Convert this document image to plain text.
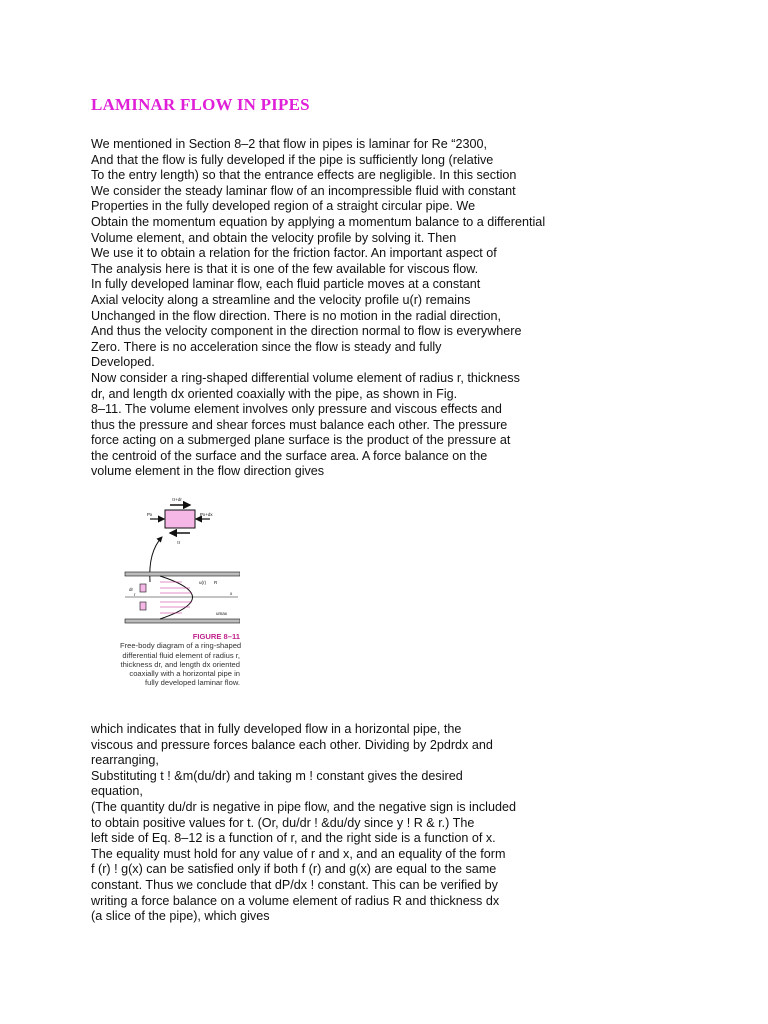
LAMINAR FLOW IN PIPES
We mentioned in Section 8–2 that flow in pipes is laminar for Re “2300,
And that the flow is fully developed if the pipe is sufficiently long (relative
To the entry length) so that the entrance effects are negligible. In this section
We consider the steady laminar flow of an incompressible fluid with constant
Properties in the fully developed region of a straight circular pipe. We
Obtain the momentum equation by applying a momentum balance to a differential
Volume element, and obtain the velocity profile by solving it. Then
We use it to obtain a relation for the friction factor. An important aspect of
The analysis here is that it is one of the few available for viscous flow.
In fully developed laminar flow, each fluid particle moves at a constant
Axial velocity along a streamline and the velocity profile u(r) remains
Unchanged in the flow direction. There is no motion in the radial direction,
And thus the velocity component in the direction normal to flow is everywhere
Zero. There is no acceleration since the flow is steady and fully
Developed.
Now consider a ring-shaped differential volume element of radius r, thickness
dr, and length dx oriented coaxially with the pipe, as shown in Fig.
8–11. The volume element involves only pressure and viscous effects and
thus the pressure and shear forces must balance each other. The pressure
force acting on a submerged plane surface is the product of the pressure at
the centroid of the surface and the surface area. A force balance on the
volume element in the flow direction gives
τr+dr
Px	Px+dx
τr
u(r) R
x
umax
dr
r
FIGURE 8–11
Free-body diagram of a ring-shaped
differential fluid element of radius r,
thickness dr, and length dx oriented
coaxially with a horizontal pipe in
fully developed laminar flow.
which indicates that in fully developed flow in a horizontal pipe, the
viscous and pressure forces balance each other. Dividing by 2pdrdx and
rearranging,
Substituting t ! &m(du/dr) and taking m ! constant gives the desired
equation,
(The quantity du/dr is negative in pipe flow, and the negative sign is included
to obtain positive values for t. (Or, du/dr ! &du/dy since y ! R & r.) The
left side of Eq. 8–12 is a function of r, and the right side is a function of x.
The equality must hold for any value of r and x, and an equality of the form
f (r) ! g(x) can be satisfied only if both f (r) and g(x) are equal to the same
constant. Thus we conclude that dP/dx ! constant. This can be verified by
writing a force balance on a volume element of radius R and thickness dx
(a slice of the pipe), which gives
